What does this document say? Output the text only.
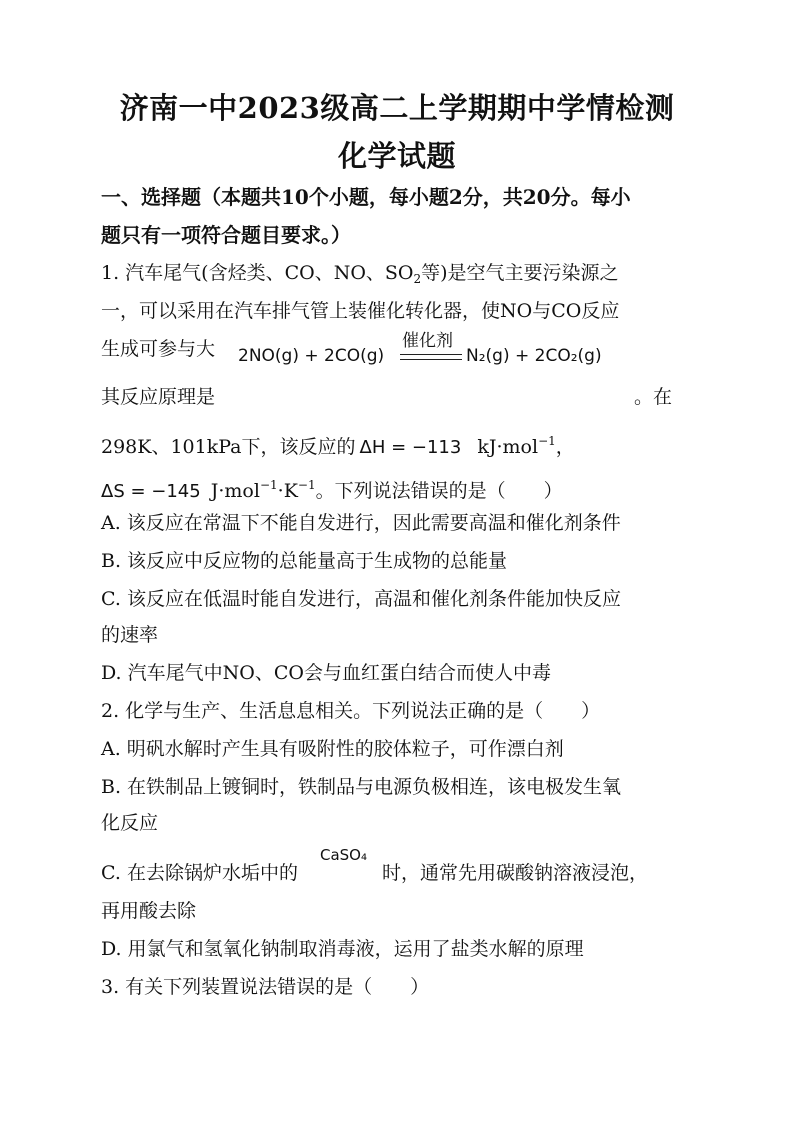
济南一中2023级高二上学期期中学情检测
化学试题
一、选择题（本题共10个小题，每小题2分，共20分。每小
题只有一项符合题目要求。）
1. 汽车尾气(含烃类、CO、NO、$SO_2$等)是空气主要污染源之
一，可以采用在汽车排气管上装催化转化器，使NO与CO反应
生成可参与大 2NO(g) + 2CO(g)
催化剂
N₂(g) + 2CO₂(g)
其反应原理是	。在
298K、101kPa下，该反应的 ΔH = −113 kJ·mol$^{-1}$，
ΔS = −145 $J\cdot mol^{-1}\cdot K^{-1}$。下列说法错误的是（　　）
A. 该反应在常温下不能自发进行，因此需要高温和催化剂条件
B. 该反应中反应物的总能量高于生成物的总能量
C. 该反应在低温时能自发进行，高温和催化剂条件能加快反应
的速率
D. 汽车尾气中NO、CO会与血红蛋白结合而使人中毒
2. 化学与生产、生活息息相关。下列说法正确的是（　　）
A. 明矾水解时产生具有吸附性的胶体粒子，可作漂白剂
B. 在铁制品上镀铜时，铁制品与电源负极相连，该电极发生氧
化反应
C. 在去除锅炉水垢中的
CaSO₄
时，通常先用碳酸钠溶液浸泡，
再用酸去除
D. 用氯气和氢氧化钠制取消毒液，运用了盐类水解的原理
3. 有关下列装置说法错误的是（　　）
